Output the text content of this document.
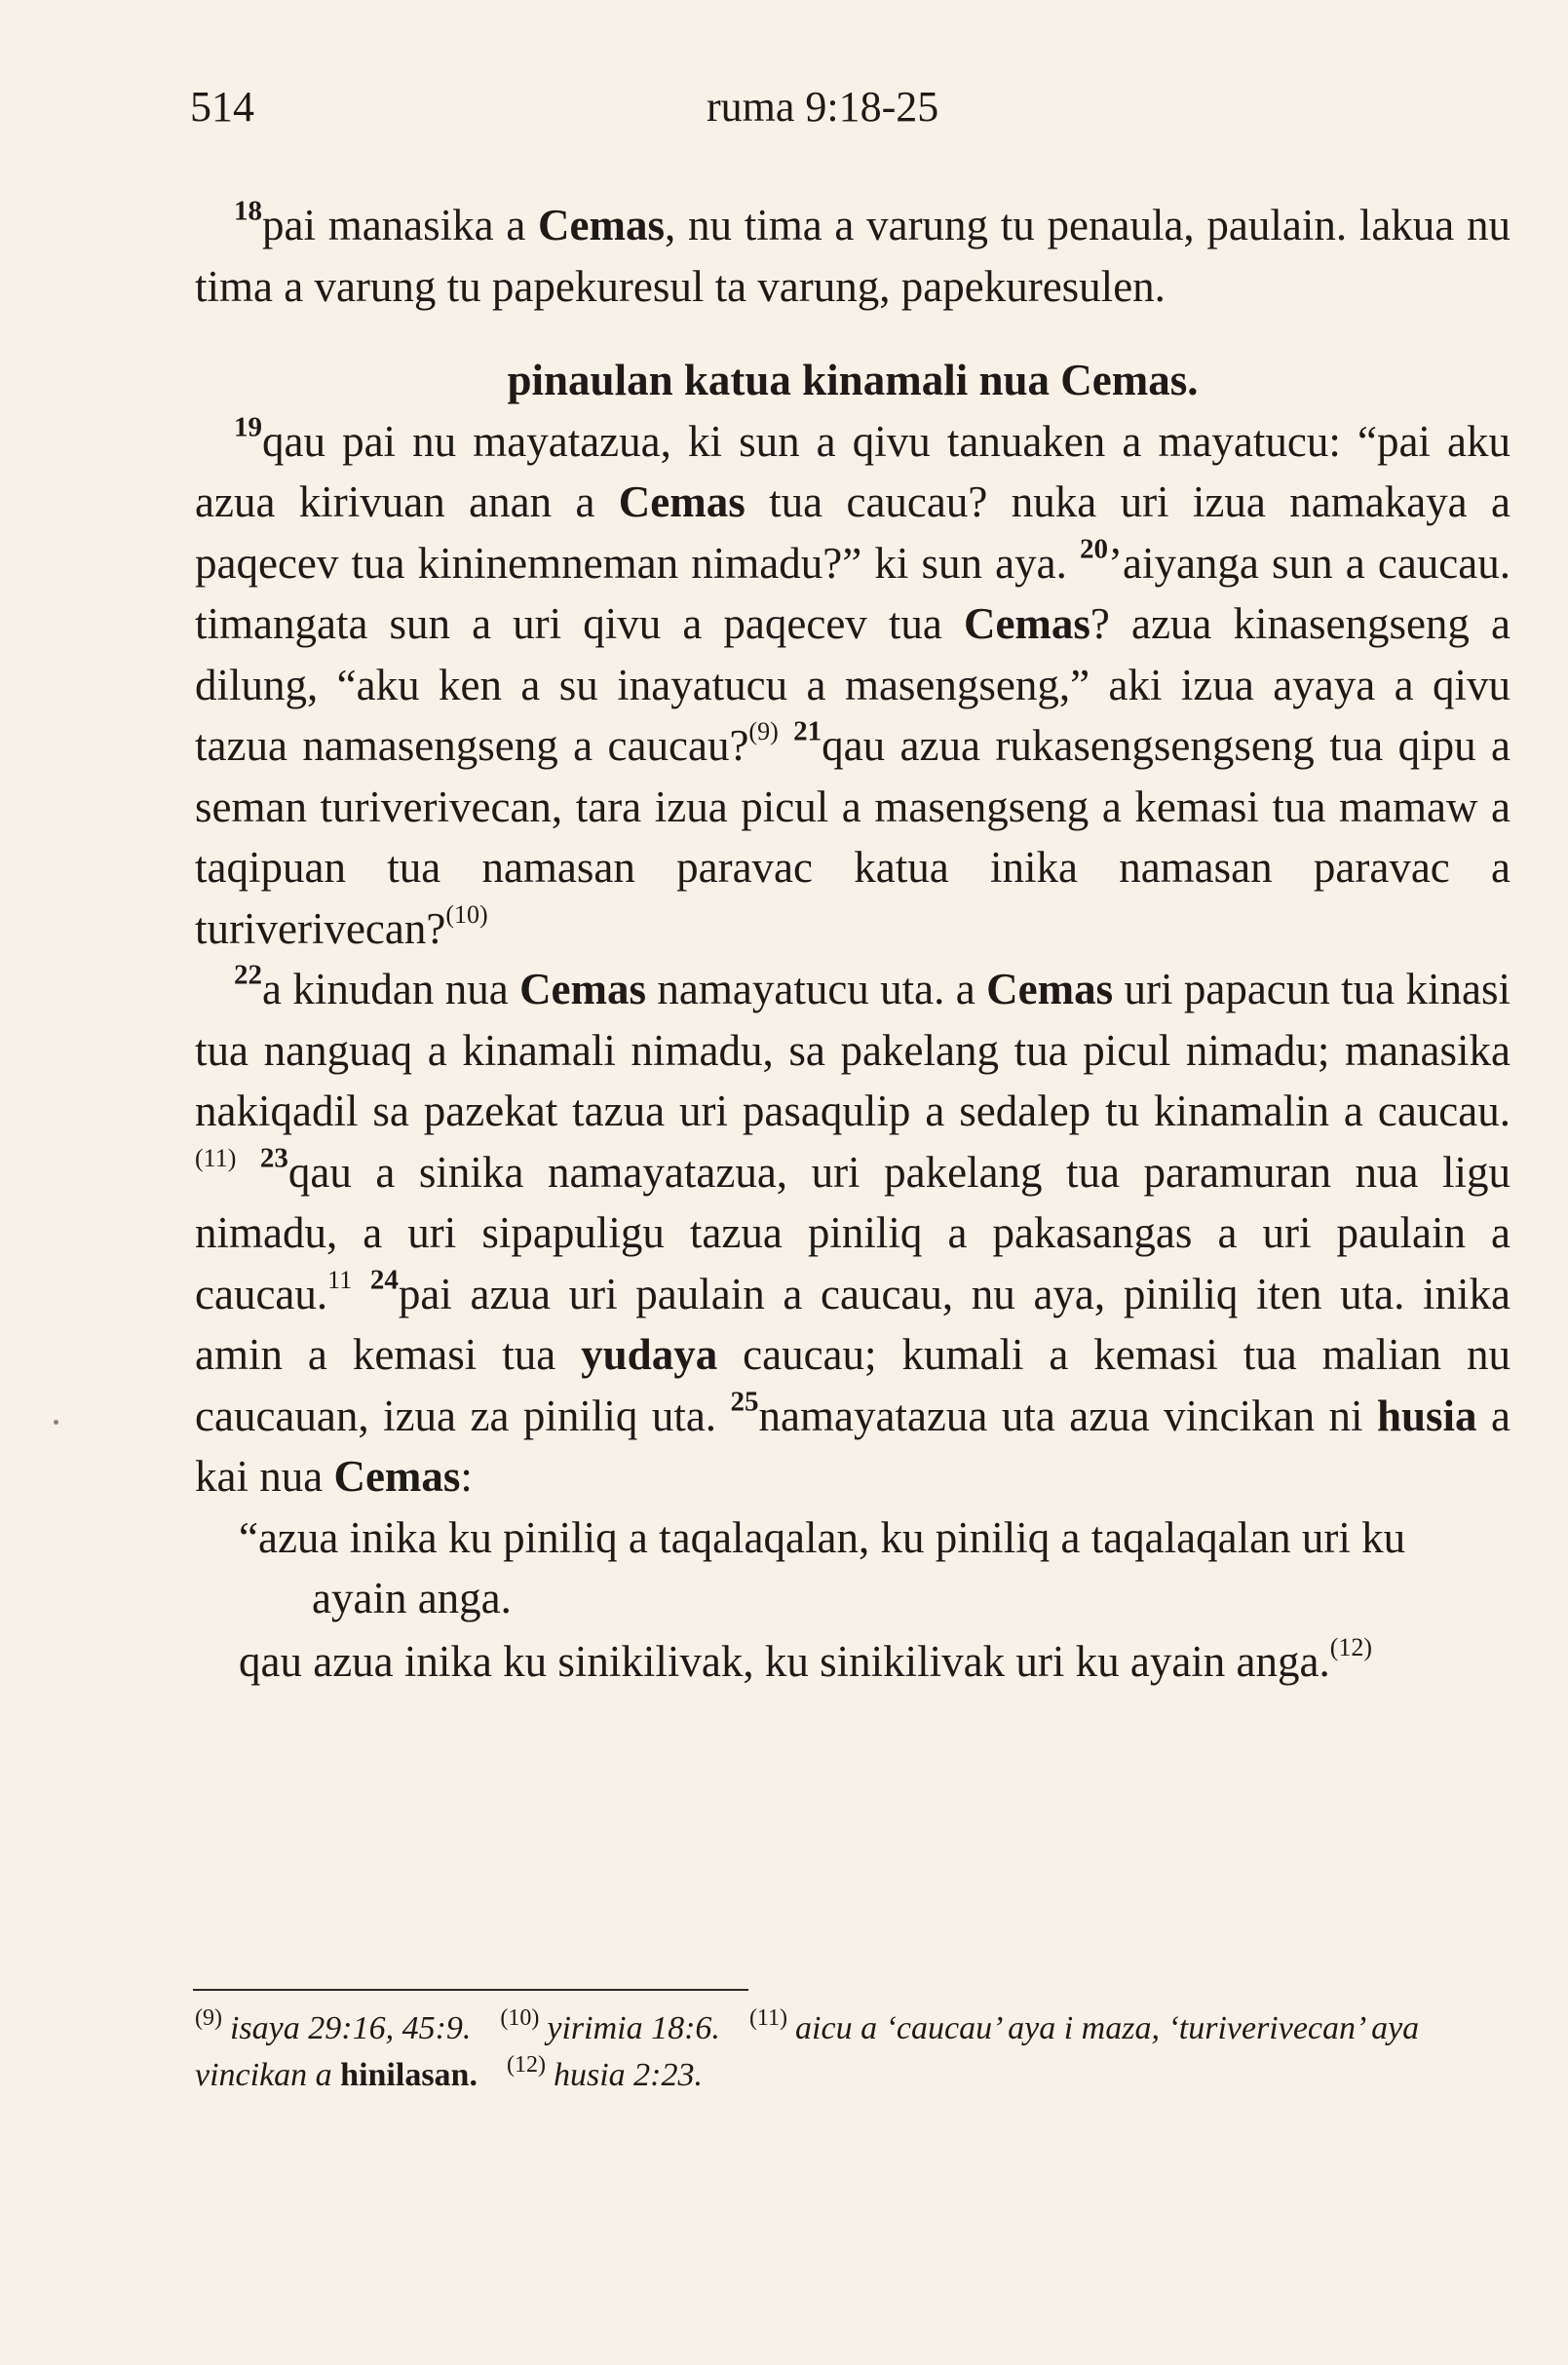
514	ruma 9:18-25

$^{18}$pai manasika a Cemas, nu tima a varung tu penaula, paulain. lakua nu tima a varung tu papekuresul ta varung, papekuresulen.

pinaulan katua kinamali nua Cemas.

$^{19}$qau pai nu mayatazua, ki sun a qivu tanuaken a mayatucu: “pai aku azua kirivuan anan a Cemas tua caucau? nuka uri izua namakaya a paqecev tua kininemneman nimadu?” ki sun aya. $^{20}$’aiyanga sun a caucau. timangata sun a uri qivu a paqecev tua Cemas? azua kinasengseng a dilung, “aku ken a su inayatucu a masengseng,” aki izua ayaya a qivu tazua namasengseng a caucau?$^{(9)}$ $^{21}$qau azua rukasengsengseng tua qipu a seman turiverivecan, tara izua picul a masengseng a kemasi tua mamaw a taqipuan tua namasan paravac katua inika namasan paravac a turiverivecan?$^{(10)}$

$^{22}$a kinudan nua Cemas namayatucu uta. a Cemas uri papacun tua kinasi tua nanguaq a kinamali nimadu, sa pakelang tua picul nimadu; manasika nakiqadil sa pazekat tazua uri pasaqulip a sedalep tu kinamalin a caucau.$^{(11)}$ $^{23}$qau a sinika namayatazua, uri pakelang tua paramuran nua ligu nimadu, a uri sipapuligu tazua piniliq a pakasangas a uri paulain a caucau.$^{11}$ $^{24}$pai azua uri paulain a caucau, nu aya, piniliq iten uta. inika amin a kemasi tua yudaya caucau; kumali a kemasi tua malian nu caucauan, izua za piniliq uta. $^{25}$namayatazua uta azua vincikan ni husia a kai nua Cemas:

“azua inika ku piniliq a taqalaqalan, ku piniliq a taqalaqalan uri ku ayain anga.

qau azua inika ku sinikilivak, ku sinikilivak uri ku ayain anga.$^{(12)}$

$^{(9)}$ isaya 29:16, 45:9. $^{(10)}$ yirimia 18:6. $^{(11)}$ aicu a ‘caucau’ aya i maza, ‘turiverivecan’ aya vincikan a hinilasan. $^{(12)}$ husia 2:23.
